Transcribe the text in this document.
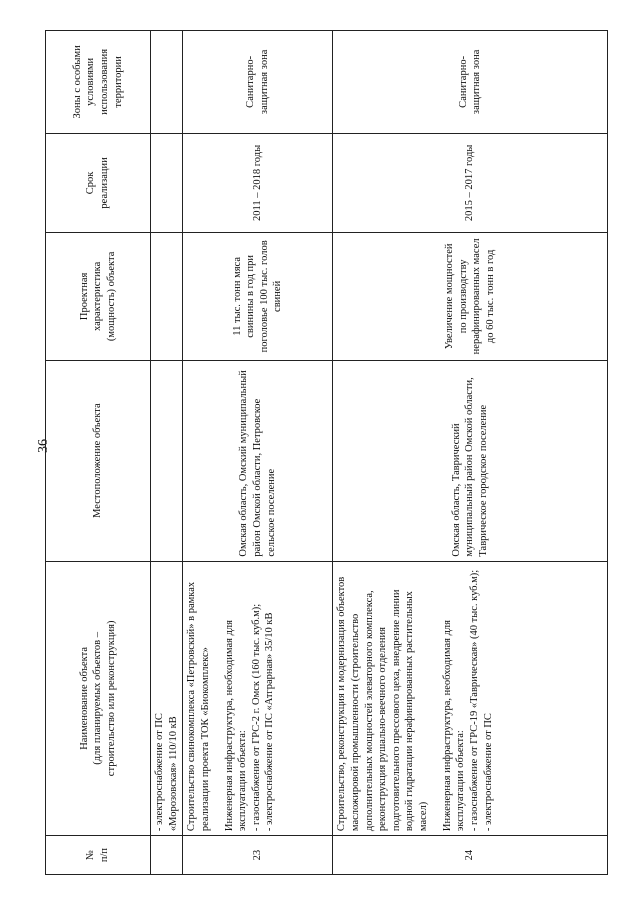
36
№
п/п	Наименование объекта
(для планируемых объектов –
строительство или реконструкция)	Местоположение объекта	Проектная
характеристика
(мощность) объекта	Срок
реализации	Зоны с особыми
условиями
использования
территории

	- электроснабжение от ПС «Морозовская» 110/10 кВ				

23	Строительство свинокомплекса «Петровский» в рамках реализации проекта ТОК «Биокомплекс» Инженерная инфраструктура, необходимая для эксплуатации объекта: - газоснабжение от ГРС-2 г. Омск (160 тыс. куб.м); - электроснабжение от ПС «Атграрная» 35/10 кВ	Омская область, Омский муниципальный район Омской области, Петровское сельское поселение	11 тыс. тонн мяса свинины в год при поголовье 100 тыс. голов свиней	2011 – 2018 годы	Санитарно-защитная зона
24	Строительство, реконструкция и модернизация объектов масложировой промышленности (строительство дополнительных мощностей элеваторного комплекса, реконструкция рушально-веечного отделения подготовительного прессового цеха, внедрение линии водной гидратации нерафинированных растительных масел) Инженерная инфраструктура, необходимая для эксплуатации объекта: - газоснабжение от ГРС-19 «Таврическая» (40 тыс. куб.м); - электроснабжение от ПС	Омская область, Таврический муниципальный район Омской области, Таврическое городское поселение	Увеличение мощностей по производству нерафинированных масел до 60 тыс. тонн в год	2015 – 2017 годы	Санитарно-защитная зона
